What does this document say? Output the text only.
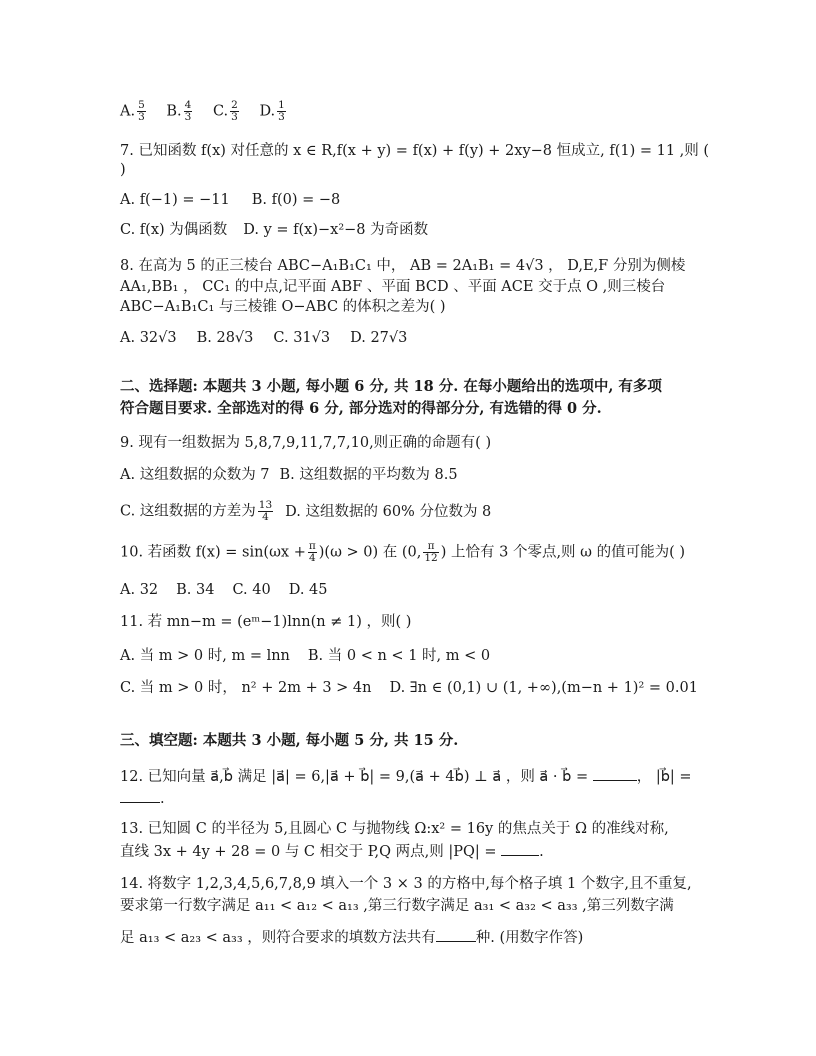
A. $\frac{5}{3} B$. $\frac{4}{3} C$. $\frac{2}{3} D$. $\frac{1}{3}$
7. 已知函数 f(x) 对任意的 x ∈ R,f(x + y) = f(x) + f(y) + 2xy−8 恒成立, f(1) = 11 ,则 (
)
A. f(−1) = −11 B. f(0) = −8
C. f(x) 为偶函数 D. y = f(x)−x²−8 为奇函数
8. 在高为 5 的正三棱台 ABC−A₁B₁C₁ 中， AB = 2A₁B₁ = 4√3 ， D,E,F 分别为侧棱
AA₁,BB₁ ， CC₁ 的中点,记平面 ABF 、平面 BCD 、平面 ACE 交于点 O ,则三棱台
ABC−A₁B₁C₁ 与三棱锥 O−ABC 的体积之差为( )
A. 32√3 B. 28√3 C. 31√3 D. 27√3
二、选择题: 本题共 3 小题, 每小题 6 分, 共 18 分. 在每小题给出的选项中, 有多项
符合题目要求. 全部选对的得 6 分, 部分选对的得部分分, 有选错的得 0 分.
9. 现有一组数据为 5,8,7,9,11,7,7,10,则正确的命题有( )
A. 这组数据的众数为 7 B. 这组数据的平均数为 8.5
C. 这组数据的方差为 $\frac{13}{4} D$. 这组数据的 60% 分位数为 8
10. 若函数 $f(x) = \sin(\omega x + \frac{\pi}{4} )(\omega > 0)$ 在 (0, $\frac{\pi}{12}$ ) 上恰有 3 个零点,则 ω 的值可能为( )
A. 32 B. 34 C. 40 D. 45
11. 若 mn−m = (eᵐ−1)lnn(n ≠ 1) ，则( )
A. 当 m > 0 时, m = lnn B. 当 0 < n < 1 时, m < 0
C. 当 m > 0 时， n² + 2m + 3 > 4n D. ∃n ∈ (0,1) ∪ (1, +∞),(m−n + 1)² = 0.01
三、填空题: 本题共 3 小题, 每小题 5 分, 共 15 分.
12. 已知向量 a⃗,b⃗ 满足 |a⃗| = 6,|a⃗ + b⃗| = 9,(a⃗ + 4b⃗) ⊥ a⃗ ，则 a⃗ · b⃗ =	， |b⃗| =
.
13. 已知圆 C 的半径为 5,且圆心 C 与抛物线 Ω:x² = 16y 的焦点关于 Ω 的准线对称,
直线 3x + 4y + 28 = 0 与 C 相交于 P,Q 两点,则 |PQ| =	.
14. 将数字 1,2,3,4,5,6,7,8,9 填入一个 3 × 3 的方格中,每个格子填 1 个数字,且不重复,
要求第一行数字满足 a₁₁ < a₁₂ < a₁₃ ,第三行数字满足 a₃₁ < a₃₂ < a₃₃ ,第三列数字满
足 a₁₃ < a₂₃ < a₃₃ ，则符合要求的填数方法共有	种. (用数字作答)
